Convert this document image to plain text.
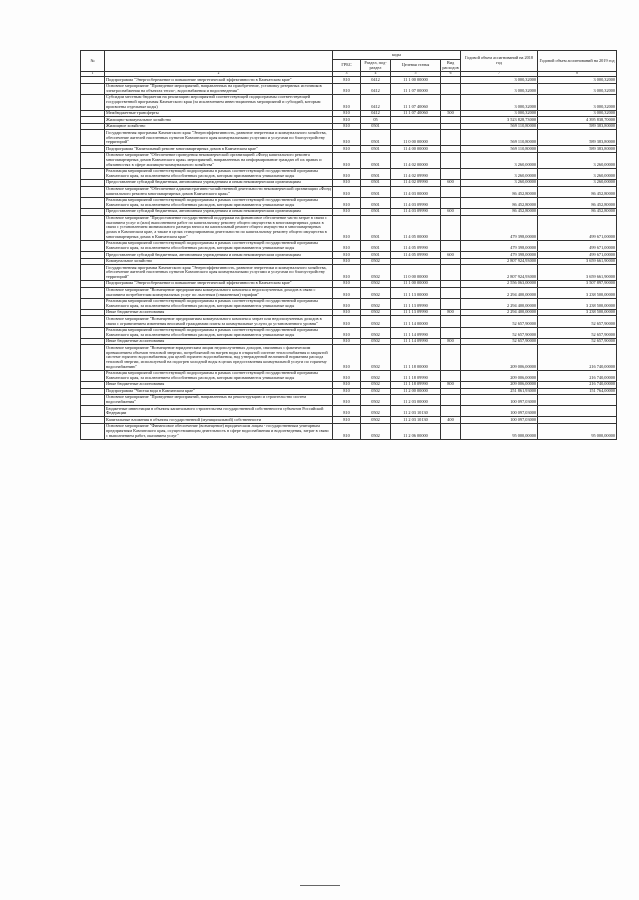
№		коды				Годовой объем ассигнований на 2018 год	Годовой объем ассигнований на 2019 год
		ГРБС	Раздел, под-раздел	Целевая статья	Вид расходов		
1	2	3	4	5	6	7	8
	Подпрограмма "Энергосбережение и повышение энергетической эффективности в Камчатском крае"	810	0412	11 1 00 00000		3 000,32000	3 000,32000
	Основное мероприятие "Проведение мероприятий, направленных на приобретение, установку резервных источников электроснабжения на объектах тепло-, водоснабжения и водоотведения"	810	0412	11 1 07 00000		3 000,32000	3 000,32000
	Субсидии местным бюджетам на реализацию мероприятий соответствующей подпрограммы соответствующей государственной программы Камчатского края (за исключением инвестиционных мероприятий и субсидий, которым присвоены отдельные коды)	810	0412	11 1 07 40060		3 000,32000	3 000,32000
	Межбюджетные трансферты	810	0412	11 1 07 40060	500	3 000,32000	3 000,32000
	Жилищно-коммунальное хозяйство	810	05			3 523 828,73000	4 395 838,70000
	Жилищное хозяйство	810	0501			569 110,80000	589 383,80000
	Государственная программа Камчатского края "Энергоэффективность, развитие энергетики и коммунального хозяйства, обеспечение жителей населенных пунктов Камчатского края коммунальными услугами и услугами по благоустройству территорий"	810	0501	11 0 00 00000		569 110,80000	589 383,80000
	Подпрограмма "Капитальный ремонт многоквартирных домов в Камчатском крае"	810	0501	11 4 00 00000		569 110,80000	589 383,80000
	Основное мероприятие "Обеспечение проведения некоммерческой организацией «Фонд капитального ремонта многоквартирных домов Камчатского края» мероприятий, направленных на информирование граждан об их правах и обязанностях в сфере жилищно-коммунального хозяйства"	810	0501	11 4 02 00000		3 260,00000	3 260,00000
	Реализация мероприятий соответствующей подпрограммы в рамках соответствующей государственной программы Камчатского края, за исключением обособленных расходов, которым присваиваются уникальные коды	810	0501	11 4 02 09990		3 260,00000	3 260,00000
	Предоставление субсидий бюджетным, автономным учреждениям и иным некоммерческим организациям	810	0501	11 4 02 09990	600	3 260,00000	3 260,00000
	Основное мероприятие "Обеспечение административно-хозяйственной деятельности некоммерческой организации «Фонд капитального ремонта многоквартирных домов Камчатского края»"	810	0501	11 4 03 00000		86 452,80000	86 452,80000
	Реализация мероприятий соответствующей подпрограммы в рамках соответствующей государственной программы Камчатского края, за исключением обособленных расходов, которым присваиваются уникальные коды	810	0501	11 4 03 09990		86 452,80000	86 452,80000
	Предоставление субсидий бюджетным, автономным учреждениям и иным некоммерческим организациям	810	0501	11 4 03 09990	600	86 452,80000	86 452,80000
	Основное мероприятие "Предоставление государственной поддержки на финансовое обеспечение части затрат в связи с оказанием услуг и (или) выполнением работ по капитальному ремонту общего имущества в многоквартирных домах в связи с установлением минимального размера взноса на капитальный ремонт общего имущества в многоквартирных домах в Камчатском крае, а также в целях стимулирования деятельности по капитальному ремонту общего имущества в многоквартирных домах в Камчатском крае"	810	0501	11 4 05 00000		479 398,00000	499 671,00000
	Реализация мероприятий соответствующей подпрограммы в рамках соответствующей государственной программы Камчатского края, за исключением обособленных расходов, которым присваиваются уникальные коды	810	0501	11 4 05 09990		479 398,00000	499 671,00000
	Предоставление субсидий бюджетным, автономным учреждениям и иным некоммерческим организациям	810	0501	11 4 05 09990	600	479 398,00000	499 671,00000
	Коммунальное хозяйство	810	0502			2 807 924,93000	3 659 661,90000
	Государственная программа Камчатского края "Энергоэффективность, развитие энергетики и коммунального хозяйства, обеспечение жителей населенных пунктов Камчатского края коммунальными услугами и услугами по благоустройству территорий"	810	0502	11 0 00 00000		2 807 924,93000	3 659 661,90000
	Подпрограмма "Энергосбережение и повышение энергетической эффективности в Камчатском крае"	810	0502	11 1 00 00000		2 556 063,00000	3 507 897,90000
	Основное мероприятие "Возмещение предприятиям коммунального комплекса недополученных доходов в связи с оказанием потребителям коммунальных услуг по льготным (сниженным) тарифам"	810	0502	11 1 13 00000		2 294 400,00000	3 238 500,00000
	Реализация мероприятий соответствующей подпрограммы в рамках соответствующей государственной программы Камчатского края, за исключением обособленных расходов, которым присваиваются уникальные коды	810	0502	11 1 13 09990		2 294 400,00000	3 238 500,00000
	Иные бюджетные ассигнования	810	0502	11 1 13 09990	800	2 294 400,00000	3 238 500,00000
	Основное мероприятие "Возмещение предприятиям коммунального комплекса затрат или недополученных доходов в связи с ограничением изменения вносимой гражданами платы за коммунальные услуги до установленного уровня"	810	0502	11 1 14 00000		52 657,90000	52 657,90000
	Реализация мероприятий соответствующей подпрограммы в рамках соответствующей государственной программы Камчатского края, за исключением обособленных расходов, которым присваиваются уникальные коды	810	0502	11 1 14 09990		52 657,90000	52 657,90000
	Иные бюджетные ассигнования	810	0502	11 1 14 09990	800	52 657,90000	52 657,90000
	Основное мероприятие "Возмещение юридическим лицам недополученных доходов, связанных с фактическим превышением объемов тепловой энергии, потребляемой на нагрев воды в открытой системе теплоснабжения и закрытой системе горячего водоснабжения для целей горячего водоснабжения, над утвержденной величиной норматива расхода тепловой энергии, используемой на подогрев холодной воды в целях предоставления коммунальной услуги по горячему водоснабжению"	810	0502	11 1 18 00000		209 006,00000	216 740,00000
	Реализация мероприятий соответствующей подпрограммы в рамках соответствующей государственной программы Камчатского края, за исключением обособленных расходов, которым присваиваются уникальные коды	810	0502	11 1 18 09990		209 006,00000	216 740,00000
	Иные бюджетные ассигнования	810	0502	11 1 18 09990	800	209 006,00000	216 740,00000
	Подпрограмма "Чистая вода в Камчатском крае"	810	0502	11 2 00 00000		251 861,93000	151 764,00000
	Основное мероприятие "Проведение мероприятий, направленных на реконструкцию и строительство систем водоснабжения"	810	0502	11 2 03 00000		100 097,03000	
	Бюджетные инвестиции в объекты капитального строительства государственной собственности субъектов Российской Федерации	810	0502	11 2 03 10130		100 097,03000	
	Капитальные вложения в объекты государственной (муниципальной) собственности	810	0502	11 2 03 10130	400	100 097,03000	
	Основное мероприятие "Финансовое обеспечение (возмещение) юридическим лицам - государственным унитарным предприятиям Камчатского края, осуществляющим деятельность в сфере водоснабжения и водоотведения, затрат в связи с выполнением работ, оказанием услуг"	810	0502	11 2 06 00000		95 000,00000	95 000,00000
